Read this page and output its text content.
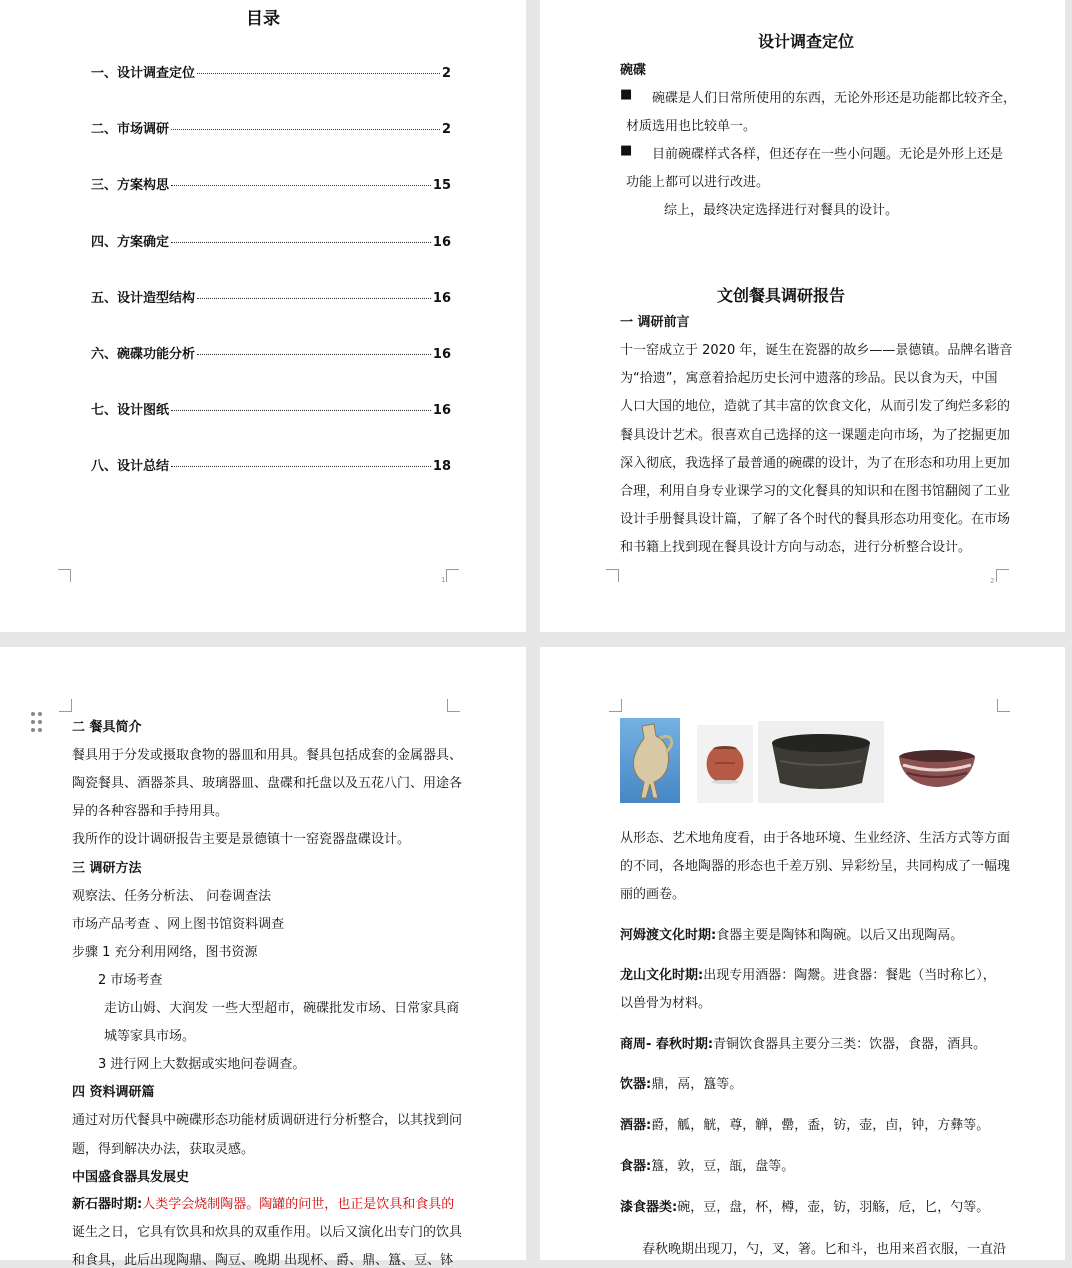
目录
一、设计调查定位	2
二、市场调研	2
三、方案构思	15
四、方案确定	16
五、设计造型结构	16
六、碗碟功能分析	16
七、设计图纸	16
八、设计总结	18
1
设计调查定位
碗碟
■ 碗碟是人们日常所使用的东西，无论外形还是功能都比较齐全，
材质选用也比较单一。
■ 目前碗碟样式各样，但还存在一些小问题。无论是外形上还是
功能上都可以进行改进。
综上，最终决定选择进行对餐具的设计。
文创餐具调研报告
一 调研前言
十一窑成立于 2020 年，诞生在瓷器的故乡——景德镇。品牌名谐音
为“拾遗”，寓意着拾起历史长河中遗落的珍品。民以食为天，中国
人口大国的地位，造就了其丰富的饮食文化，从而引发了绚烂多彩的
餐具设计艺术。很喜欢自己选择的这一课题走向市场，为了挖掘更加
深入彻底，我选择了最普通的碗碟的设计，为了在形态和功用上更加
合理，利用自身专业课学习的文化餐具的知识和在图书馆翻阅了工业
设计手册餐具设计篇，了解了各个时代的餐具形态功用变化。在市场
和书籍上找到现在餐具设计方向与动态，进行分析整合设计。
2
二 餐具简介
餐具用于分发或摄取食物的器皿和用具。餐具包括成套的金属器具、
陶瓷餐具、酒器茶具、玻璃器皿、盘碟和托盘以及五花八门、用途各
异的各种容器和手持用具。
我所作的设计调研报告主要是景德镇十一窑瓷器盘碟设计。
三 调研方法
观察法、任务分析法、 问卷调查法
市场产品考查 、网上图书馆资料调查
步骤 1 充分利用网络，图书资源
2 市场考查
走访山姆、大润发 一些大型超市，碗碟批发市场、日常家具商
城等家具市场。
3 进行网上大数据或实地问卷调查。
四 资料调研篇
通过对历代餐具中碗碟形态功能材质调研进行分析整合，以其找到问
题，得到解决办法，获取灵感。
中国盛食器具发展史
新石器时期:人类学会烧制陶器。陶罐的问世，也正是饮具和食具的
诞生之日，它具有饮具和炊具的双重作用。以后又演化出专门的饮具
和食具，此后出现陶鼎、陶豆、晚期 出现杯、爵、鼎、簋、豆、钵
从形态、艺术地角度看，由于各地环境、生业经济、生活方式等方面
的不同，各地陶器的形态也千差万别、异彩纷呈，共同构成了一幅瑰
丽的画卷。
河姆渡文化时期:食器主要是陶钵和陶碗。以后又出现陶鬲。
龙山文化时期:出现专用酒器：陶鬶。进食器：餐匙（当时称匕），
以兽骨为材料。
商周- 春秋时期:青铜饮食器具主要分三类：饮器，食器，酒具。
饮器:鼎，鬲，簋等。
酒器:爵，觚，觥，尊，觯，罍，盉，钫，壶，卣，钟，方彝等。
食器:簋，敦，豆，瓿，盘等。
漆食器类:碗，豆，盘，杯，樽，壶，钫，羽觞，卮，匕，勺等。
春秋晚期出现刀，勺，叉，箸。匕和斗，也用来舀衣服，一直沿
